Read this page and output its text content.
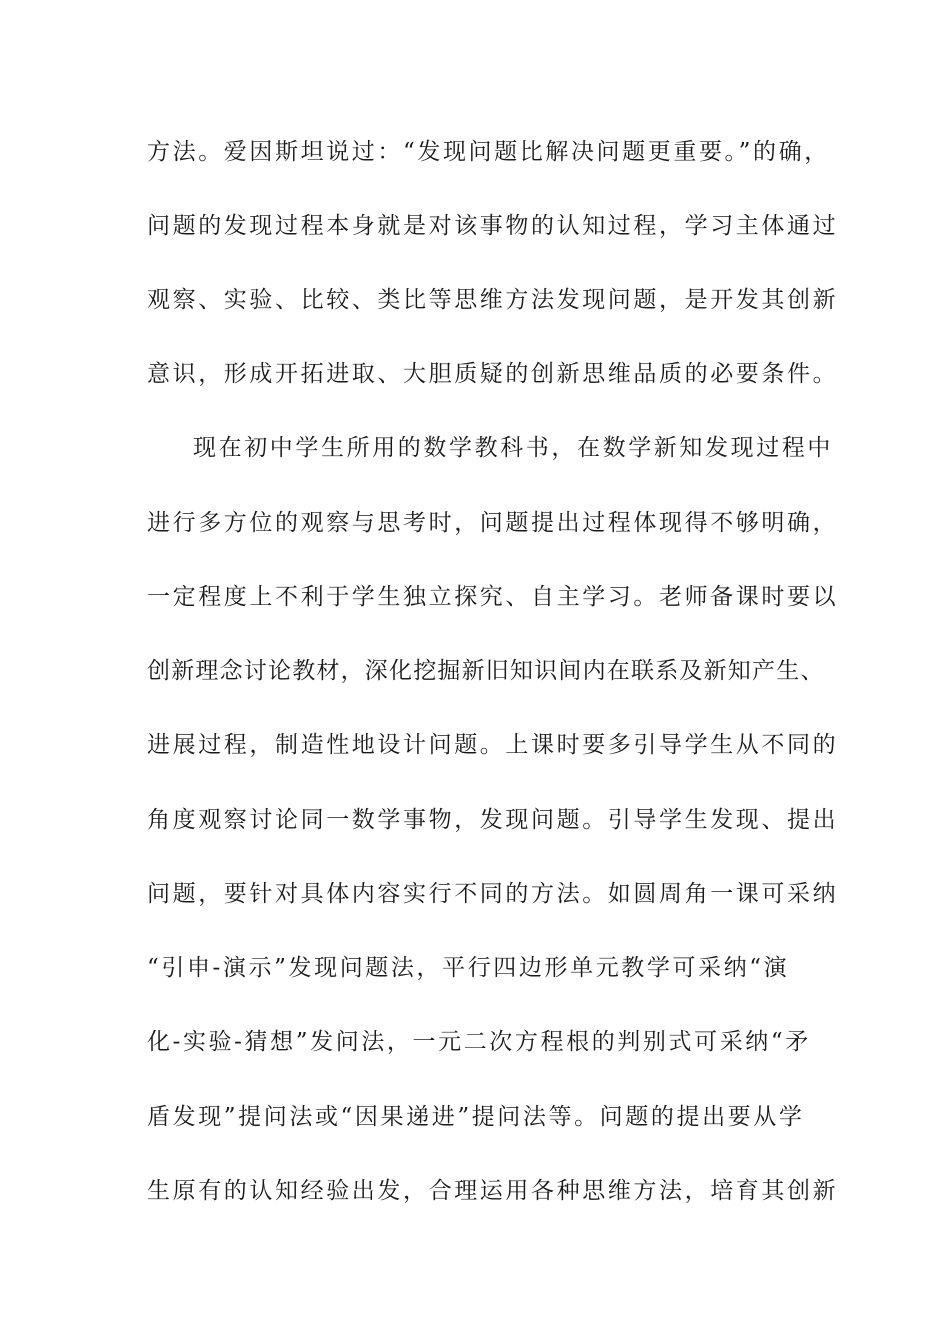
方法。爱因斯坦说过：“发现问题比解决问题更重要。”的确，
问题的发现过程本身就是对该事物的认知过程，学习主体通过
观察、实验、比较、类比等思维方法发现问题，是开发其创新
意识，形成开拓进取、大胆质疑的创新思维品质的必要条件。
现在初中学生所用的数学教科书，在数学新知发现过程中
进行多方位的观察与思考时，问题提出过程体现得不够明确，
一定程度上不利于学生独立探究、自主学习。老师备课时要以
创新理念讨论教材，深化挖掘新旧知识间内在联系及新知产生、
进展过程，制造性地设计问题。上课时要多引导学生从不同的
角度观察讨论同一数学事物，发现问题。引导学生发现、提出
问题，要针对具体内容实行不同的方法。如圆周角一课可采纳
“引申-演示”发现问题法，平行四边形单元教学可采纳“演
化-实验-猜想”发问法，一元二次方程根的判别式可采纳“矛
盾发现”提问法或“因果递进”提问法等。问题的提出要从学
生原有的认知经验出发，合理运用各种思维方法，培育其创新
